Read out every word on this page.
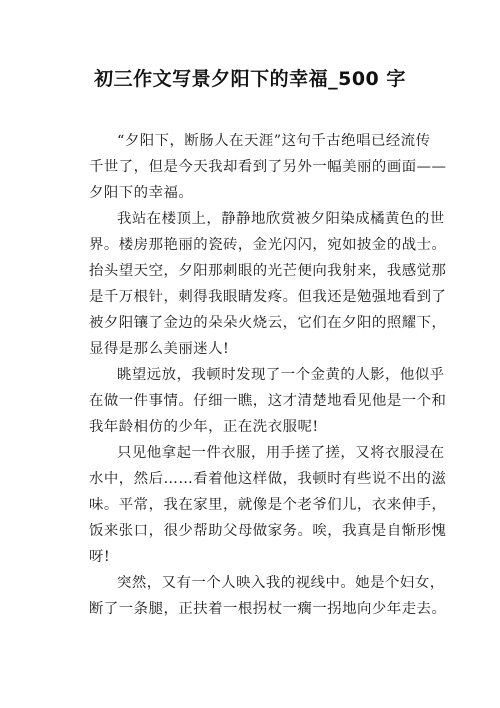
初三作文写景夕阳下的幸福_500 字
“夕阳下，断肠人在天涯”这句千古绝唱已经流传
千世了，但是今天我却看到了另外一幅美丽的画面——
夕阳下的幸福。
我站在楼顶上，静静地欣赏被夕阳染成橘黄色的世
界。楼房那艳丽的瓷砖，金光闪闪，宛如披金的战士。
抬头望天空，夕阳那刺眼的光芒便向我射来，我感觉那
是千万根针，刺得我眼睛发疼。但我还是勉强地看到了
被夕阳镶了金边的朵朵火烧云，它们在夕阳的照耀下，
显得是那么美丽迷人!
眺望远放，我顿时发现了一个金黄的人影，他似乎
在做一件事情。仔细一瞧，这才清楚地看见他是一个和
我年龄相仿的少年，正在洗衣服呢!
只见他拿起一件衣服，用手搓了搓，又将衣服浸在
水中，然后……看着他这样做，我顿时有些说不出的滋
味。平常，我在家里，就像是个老爷们儿，衣来伸手，
饭来张口，很少帮助父母做家务。唉，我真是自惭形愧
呀!
突然，又有一个人映入我的视线中。她是个妇女，
断了一条腿，正扶着一根拐杖一瘸一拐地向少年走去。
